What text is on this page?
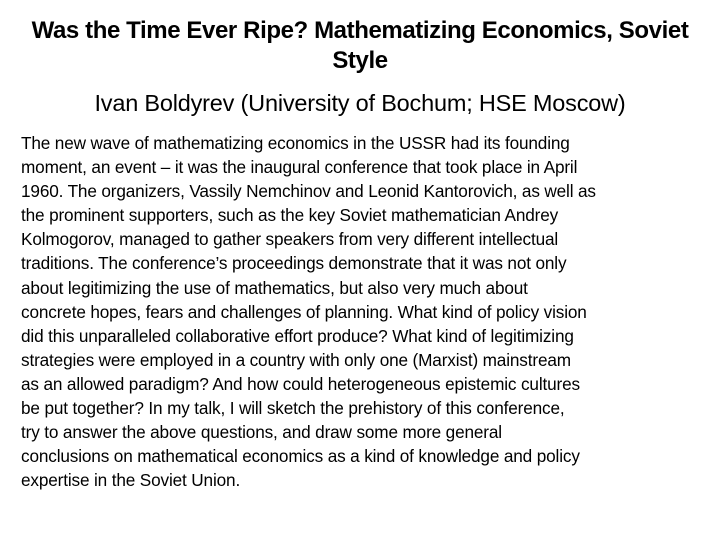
Was the Time Ever Ripe? Mathematizing Economics, Soviet
Style

Ivan Boldyrev (University of Bochum; HSE Moscow)

The new wave of mathematizing economics in the USSR had its founding
moment, an event – it was the inaugural conference that took place in April
1960. The organizers, Vassily Nemchinov and Leonid Kantorovich, as well as
the prominent supporters, such as the key Soviet mathematician Andrey
Kolmogorov, managed to gather speakers from very different intellectual
traditions. The conference’s proceedings demonstrate that it was not only
about legitimizing the use of mathematics, but also very much about
concrete hopes, fears and challenges of planning. What kind of policy vision
did this unparalleled collaborative effort produce? What kind of legitimizing
strategies were employed in a country with only one (Marxist) mainstream
as an allowed paradigm? And how could heterogeneous epistemic cultures
be put together? In my talk, I will sketch the prehistory of this conference,
try to answer the above questions, and draw some more general
conclusions on mathematical economics as a kind of knowledge and policy
expertise in the Soviet Union.
